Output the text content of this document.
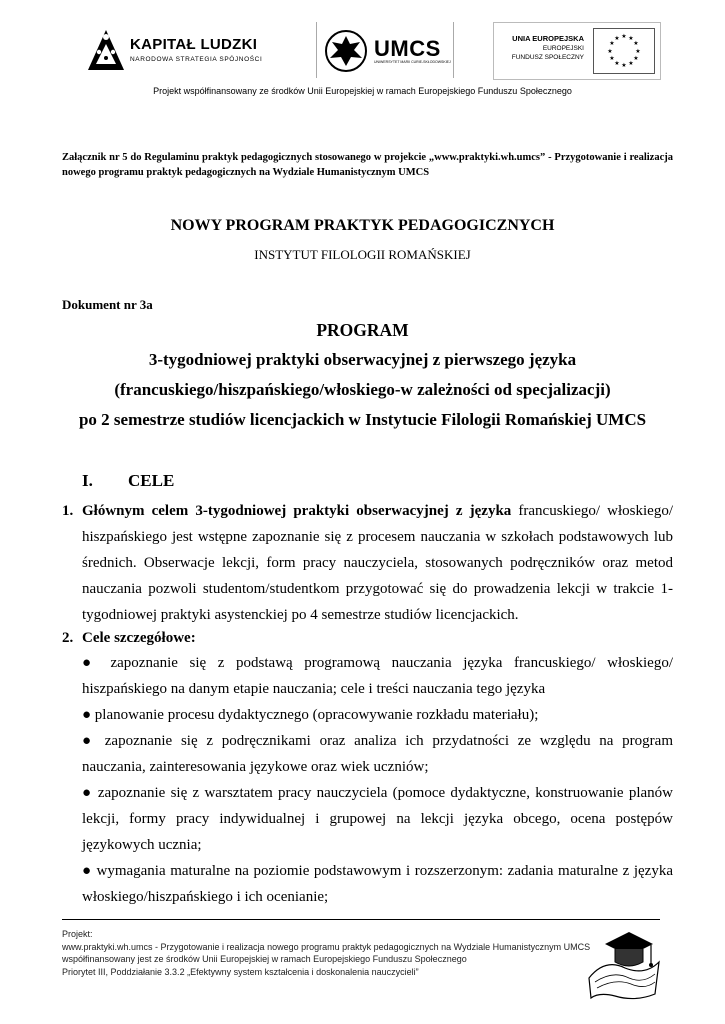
KAPITAŁ LUDZKI
NARODOWA STRATEGIA SPÓJNOŚCI	UMCS
UNIWERSYTET MARII CURIE-SKŁODOWSKIEJ
UNIA EUROPEJSKA
EUROPEJSKI
FUNDUSZ SPOŁECZNY
★ ★
★
★
★
★
★
★
★
★
★
★
Projekt współfinansowany ze środków Unii Europejskiej w ramach Europejskiego Funduszu Społecznego
Załącznik nr 5 do Regulaminu praktyk pedagogicznych stosowanego w projekcie „www.praktyki.wh.umcs” - Przygotowanie i realizacja nowego programu praktyk pedagogicznych na Wydziale Humanistycznym UMCS
NOWY PROGRAM PRAKTYK PEDAGOGICZNYCH
INSTYTUT FILOLOGII ROMAŃSKIEJ
Dokument nr 3a
PROGRAM
3-tygodniowej praktyki obserwacyjnej z pierwszego języka
(francuskiego/hiszpańskiego/włoskiego-w zależności od specjalizacji)
po 2 semestrze studiów licencjackich w Instytucie Filologii Romańskiej UMCS
I. CELE
1. Głównym celem 3-tygodniowej praktyki obserwacyjnej z języka francuskiego/ włoskiego/ hiszpańskiego jest wstępne zapoznanie się z procesem nauczania w szkołach podstawowych lub średnich. Obserwacje lekcji, form pracy nauczyciela, stosowanych podręczników oraz metod nauczania pozwoli studentom/studentkom przygotować się do prowadzenia lekcji w trakcie 1-tygodniowej praktyki asystenckiej po 4 semestrze studiów licencjackich.
2. Cele szczegółowe:

● zapoznanie się z podstawą programową nauczania języka francuskiego/ włoskiego/ hiszpańskiego na danym etapie nauczania; cele i treści nauczania tego języka

● planowanie procesu dydaktycznego (opracowywanie rozkładu materiału);

● zapoznanie się z podręcznikami oraz analiza ich przydatności ze względu na program nauczania, zainteresowania językowe oraz wiek uczniów;

● zapoznanie się z warsztatem pracy nauczyciela (pomoce dydaktyczne, konstruowanie planów lekcji, formy pracy indywidualnej i grupowej na lekcji języka obcego, ocena postępów językowych ucznia;

● wymagania maturalne na poziomie podstawowym i rozszerzonym: zadania maturalne z języka włoskiego/hiszpańskiego i ich ocenianie;

Projekt:
www.praktyki.wh.umcs - Przygotowanie i realizacja nowego programu praktyk pedagogicznych na Wydziale Humanistycznym UMCS
współfinansowany jest ze środków Unii Europejskiej w ramach Europejskiego Funduszu Społecznego
Priorytet III, Poddziałanie 3.3.2 „Efektywny system kształcenia i doskonalenia nauczycieli”
